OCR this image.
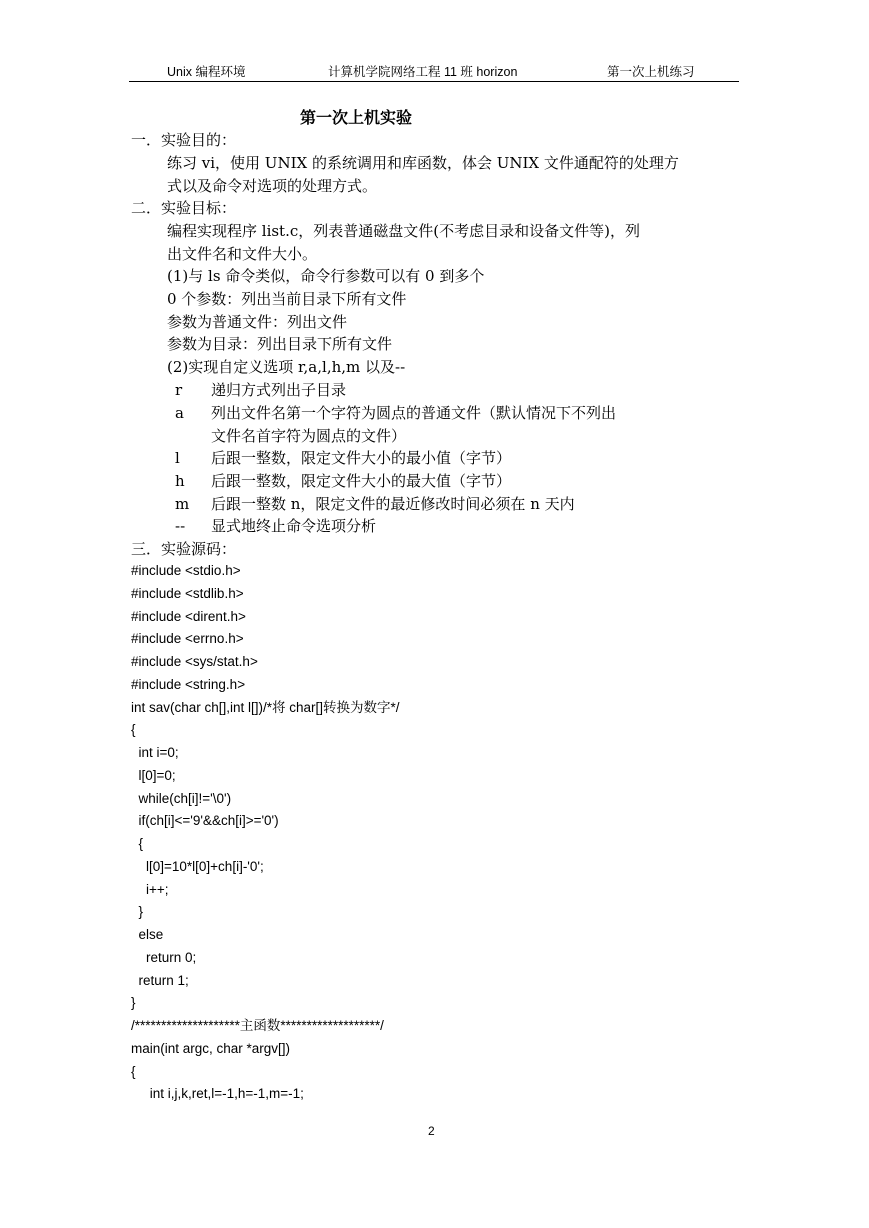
Unix 编程环境	计算机学院网络工程 11 班 horizon	第一次上机练习
第一次上机实验
一．实验目的：
练习 vi，使用 UNIX 的系统调用和库函数，体会 UNIX 文件通配符的处理方
式以及命令对选项的处理方式。
二．实验目标：
编程实现程序 list.c，列表普通磁盘文件(不考虑目录和设备文件等)，列
出文件名和文件大小。
(1)与 ls 命令类似，命令行参数可以有 0 到多个
0 个参数：列出当前目录下所有文件
参数为普通文件：列出文件
参数为目录：列出目录下所有文件
(2)实现自定义选项 r,a,l,h,m 以及--
r 递归方式列出子目录
a 列出文件名第一个字符为圆点的普通文件（默认情况下不列出
文件名首字符为圆点的文件）
l 后跟一整数，限定文件大小的最小值（字节）
h 后跟一整数，限定文件大小的最大值（字节）
m 后跟一整数 n，限定文件的最近修改时间必须在 n 天内
-- 显式地终止命令选项分析
三．实验源码：
#include <stdio.h>
#include <stdlib.h>
#include <dirent.h>
#include <errno.h>
#include <sys/stat.h>
#include <string.h>
int sav(char ch[],int l[])/*将 char[]转换为数字*/
{
int i=0;
l[0]=0;
while(ch[i]!='\0')
if(ch[i]<='9'&&ch[i]>='0')
{
l[0]=10*l[0]+ch[i]-'0';
i++;
}
else
return 0;
return 1;
}
/********************主函数*******************/
main(int argc, char *argv[])
{
int i,j,k,ret,l=-1,h=-1,m=-1;
2
